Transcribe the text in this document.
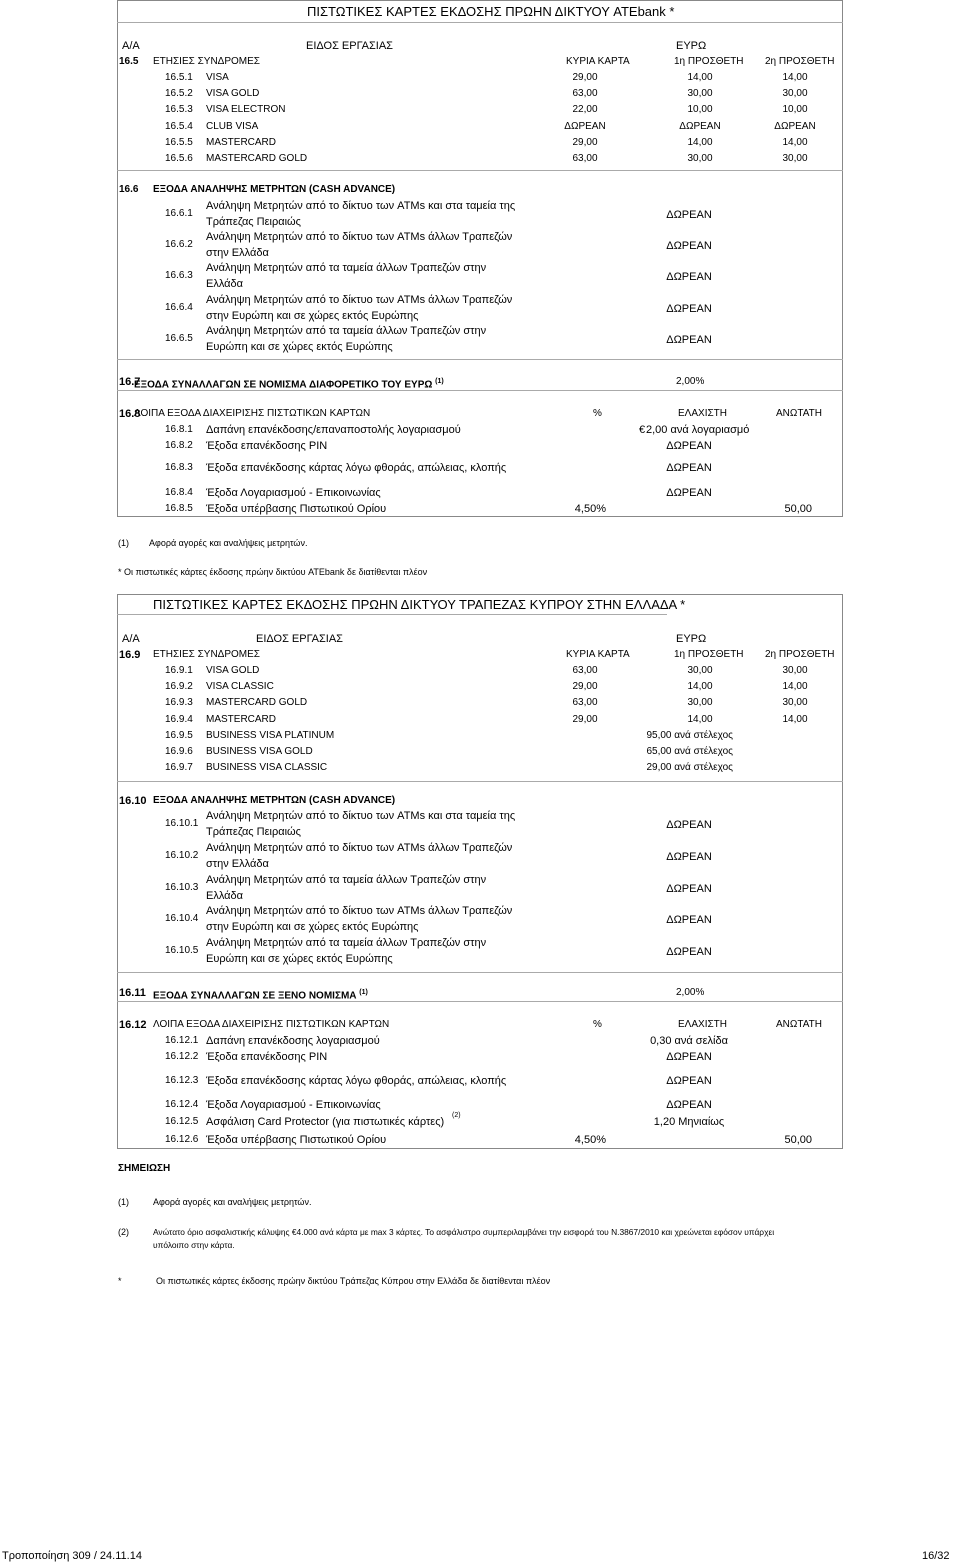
ΠΙΣΤΩΤΙΚΕΣ ΚΑΡΤΕΣ ΕΚΔΟΣΗΣ ΠΡΩΗΝ ΔΙΚΤΥΟΥ ATEbank *
Α/Α	ΕΙΔΟΣ ΕΡΓΑΣΙΑΣ	ΕΥΡΩ
16.5 ΕΤΗΣΙΕΣ ΣΥΝΔΡΟΜΕΣ	ΚΥΡΙΑ ΚΑΡΤΑ	1η ΠΡΟΣΘΕΤΗ 2η ΠΡΟΣΘΕΤΗ
16.5.1 VISA	29,00	14,00	14,00
16.5.2 VISA GOLD	63,00	30,00	30,00
16.5.3 VISA ELECTRON	22,00	10,00	10,00
16.5.4 CLUB VISA	ΔΩΡΕΑΝ	ΔΩΡΕΑΝ	ΔΩΡΕΑΝ
16.5.5 MASTERCARD	29,00	14,00	14,00
16.5.6 MASTERCARD GOLD	63,00	30,00	30,00
16.6 ΕΞΟΔΑ ΑΝΑΛΗΨΗΣ ΜΕΤΡΗΤΩΝ (CASH ADVANCE)
16.6.1
Ανάληψη Μετρητών από το δίκτυο των ATMs και στα ταμεία της
Τράπεζας Πειραιώς
ΔΩΡΕΑΝ
16.6.2
Ανάληψη Μετρητών από το δίκτυο των ATMs άλλων Τραπεζών
στην Ελλάδα
ΔΩΡΕΑΝ
16.6.3
Ανάληψη Μετρητών από τα ταμεία άλλων Τραπεζών στην
Ελλάδα
ΔΩΡΕΑΝ
16.6.4
Ανάληψη Μετρητών από το δίκτυο των ATMs άλλων Τραπεζών
στην Ευρώπη και σε χώρες εκτός Ευρώπης
ΔΩΡΕΑΝ
16.6.5
Ανάληψη Μετρητών από τα ταμεία άλλων Τραπεζών στην
Ευρώπη και σε χώρες εκτός Ευρώπης
ΔΩΡΕΑΝ
16.7
ΕΞΟΔΑ ΣΥΝΑΛΛΑΓΩΝ ΣΕ ΝΟΜΙΣΜΑ ΔΙΑΦΟΡΕΤΙΚΟ ΤΟΥ ΕΥΡΩ $^{(1)}$	2,00%
16.8
ΛΟΙΠΑ ΕΞΟΔΑ ΔΙΑΧΕΙΡΙΣΗΣ ΠΙΣΤΩΤΙΚΩΝ ΚΑΡΤΩΝ	%	ΕΛΑΧΙΣΤΗ	ΑΝΩΤΑΤΗ
16.8.1 Δαπάνη επανέκδοσης/επαναποστολής λογαριασμού	€ 2,00 ανά λογαριασμό
16.8.2 Έξοδα επανέκδοσης PIN	ΔΩΡΕΑΝ
16.8.3 Έξοδα επανέκδοσης κάρτας λόγω φθοράς, απώλειας, κλοπής	ΔΩΡΕΑΝ
16.8.4 Έξοδα Λογαριασμού - Επικοινωνίας	ΔΩΡΕΑΝ
16.8.5 Έξοδα υπέρβασης Πιστωτικού Ορίου	4,50%	50,00
(1) Αφορά αγορές και αναλήψεις μετρητών.
* Οι πιστωτικές κάρτες έκδοσης πρώην δικτύου ATEbank δε διατίθενται πλέον
ΠΙΣΤΩΤΙΚΕΣ ΚΑΡΤΕΣ ΕΚΔΟΣΗΣ ΠΡΩΗΝ ΔΙΚΤΥΟΥ ΤΡΑΠΕΖΑΣ ΚΥΠΡΟΥ ΣΤΗΝ ΕΛΛΑΔΑ *
Α/Α	ΕΙΔΟΣ ΕΡΓΑΣΙΑΣ	ΕΥΡΩ
16.9 ΕΤΗΣΙΕΣ ΣΥΝΔΡΟΜΕΣ	ΚΥΡΙΑ ΚΑΡΤΑ	1η ΠΡΟΣΘΕΤΗ 2η ΠΡΟΣΘΕΤΗ
16.9.1 VISA GOLD	63,00	30,00	30,00
16.9.2 VISA CLASSIC	29,00	14,00	14,00
16.9.3 MASTERCARD GOLD	63,00	30,00	30,00
16.9.4 MASTERCARD	29,00	14,00	14,00
16.9.5 BUSINESS VISA PLATINUM	95,00 ανά στέλεχος
16.9.6 BUSINESS VISA GOLD	65,00 ανά στέλεχος
16.9.7 BUSINESS VISA CLASSIC	29,00 ανά στέλεχος
16.10 ΕΞΟΔΑ ΑΝΑΛΗΨΗΣ ΜΕΤΡΗΤΩΝ (CASH ADVANCE)
16.10.1
Ανάληψη Μετρητών από το δίκτυο των ATMs και στα ταμεία της
Τράπεζας Πειραιώς
ΔΩΡΕΑΝ
16.10.2
Ανάληψη Μετρητών από το δίκτυο των ATMs άλλων Τραπεζών
στην Ελλάδα
ΔΩΡΕΑΝ
16.10.3
Ανάληψη Μετρητών από τα ταμεία άλλων Τραπεζών στην
Ελλάδα
ΔΩΡΕΑΝ
16.10.4
Ανάληψη Μετρητών από το δίκτυο των ATMs άλλων Τραπεζών
στην Ευρώπη και σε χώρες εκτός Ευρώπης
ΔΩΡΕΑΝ
16.10.5
Ανάληψη Μετρητών από τα ταμεία άλλων Τραπεζών στην
Ευρώπη και σε χώρες εκτός Ευρώπης
ΔΩΡΕΑΝ
16.11 ΕΞΟΔΑ ΣΥΝΑΛΛΑΓΩΝ ΣΕ ΞΕΝΟ ΝΟΜΙΣΜΑ $^{(1)}$	2,00%
16.12 ΛΟΙΠΑ ΕΞΟΔΑ ΔΙΑΧΕΙΡΙΣΗΣ ΠΙΣΤΩΤΙΚΩΝ ΚΑΡΤΩΝ	%	ΕΛΑΧΙΣΤΗ	ΑΝΩΤΑΤΗ
16.12.1 Δαπάνη επανέκδοσης λογαριασμού	0,30 ανά σελίδα
16.12.2 Έξοδα επανέκδοσης PIN	ΔΩΡΕΑΝ
16.12.3 Έξοδα επανέκδοσης κάρτας λόγω φθοράς, απώλειας, κλοπής	ΔΩΡΕΑΝ
16.12.4 Έξοδα Λογαριασμού - Επικοινωνίας	ΔΩΡΕΑΝ
16.12.5 Ασφάλιση Card Protector (για πιστωτικές κάρτες)
(2)
1,20 Μηνιαίως
16.12.6 Έξοδα υπέρβασης Πιστωτικού Ορίου	4,50%	50,00
ΣΗΜΕΙΩΣΗ
(1)	Αφορά αγορές και αναλήψεις μετρητών.
(2)	Ανώτατο όριο ασφαλιστικής κάλυψης €4.000 ανά κάρτα με max 3 κάρτες. Το ασφάλιστρο συμπεριλαμβάνει την εισφορά του Ν.3867/2010 και χρεώνεται εφόσον υπάρχει
υπόλοιπο στην κάρτα.
*	Οι πιστωτικές κάρτες έκδοσης πρώην δικτύου Τράπεζας Κύπρου στην Ελλάδα δε διατίθενται πλέον
Τροποποίηση 309 / 24.11.14	16/32
